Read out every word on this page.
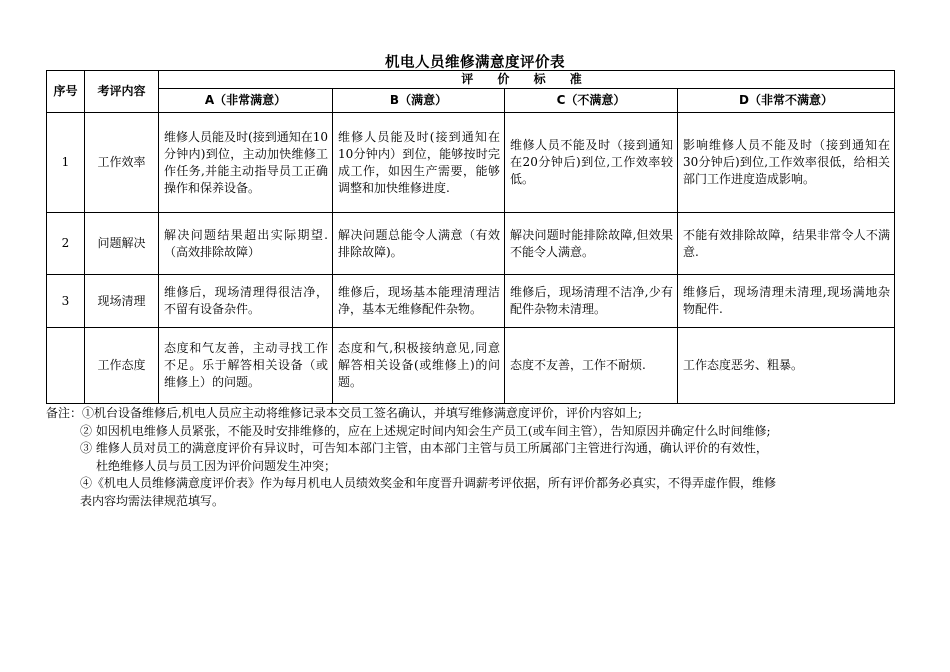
机电人员维修满意度评价表
序号	考评内容	评 价 标 准			
		A（非常满意）	B（满意）	C（不满意）	D（非常不满意）
1	工作效率	维修人员能及时(接到通知在10分钟内)到位，主动加快维修工作任务,并能主动指导员工正确操作和保养设备。	维修人员能及时(接到通知在10分钟内）到位，能够按时完成工作，如因生产需要，能够调整和加快维修进度.	维修人员不能及时（接到通知在20分钟后)到位,工作效率较低。	影响维修人员不能及时（接到通知在30分钟后)到位,工作效率很低，给相关部门工作进度造成影响。
2	问题解决	解决问题结果超出实际期望.（高效排除故障）	解决问题总能令人满意（有效排除故障)。	解决问题时能排除故障,但效果不能令人满意。	不能有效排除故障，结果非常令人不满意.
3	现场清理	维修后，现场清理得很洁净，不留有设备杂件。	维修后，现场基本能理清理洁净，基本无维修配件杂物。	维修后，现场清理不洁净,少有配件杂物未清理。	维修后，现场清理未清理,现场满地杂物配件.
	工作态度	态度和气友善，主动寻找工作不足。乐于解答相关设备（或维修上）的问题。	态度和气,积极接纳意见,同意解答相关设备(或维修上)的问题。	态度不友善，工作不耐烦.	工作态度恶劣、粗暴。
备注：①机台设备维修后,机电人员应主动将维修记录本交员工签名确认，并填写维修满意度评价，评价内容如上;
② 如因机电维修人员紧张，不能及时安排维修的，应在上述规定时间内知会生产员工(或车间主管），告知原因并确定什么时间维修;
③ 维修人员对员工的满意度评价有异议时，可告知本部门主管，由本部门主管与员工所属部门主管进行沟通，确认评价的有效性，
杜绝维修人员与员工因为评价问题发生冲突；
④《机电人员维修满意度评价表》作为每月机电人员绩效奖金和年度晋升调薪考评依据，所有评价都务必真实，不得弄虚作假，维修
表内容均需法律规范填写。
